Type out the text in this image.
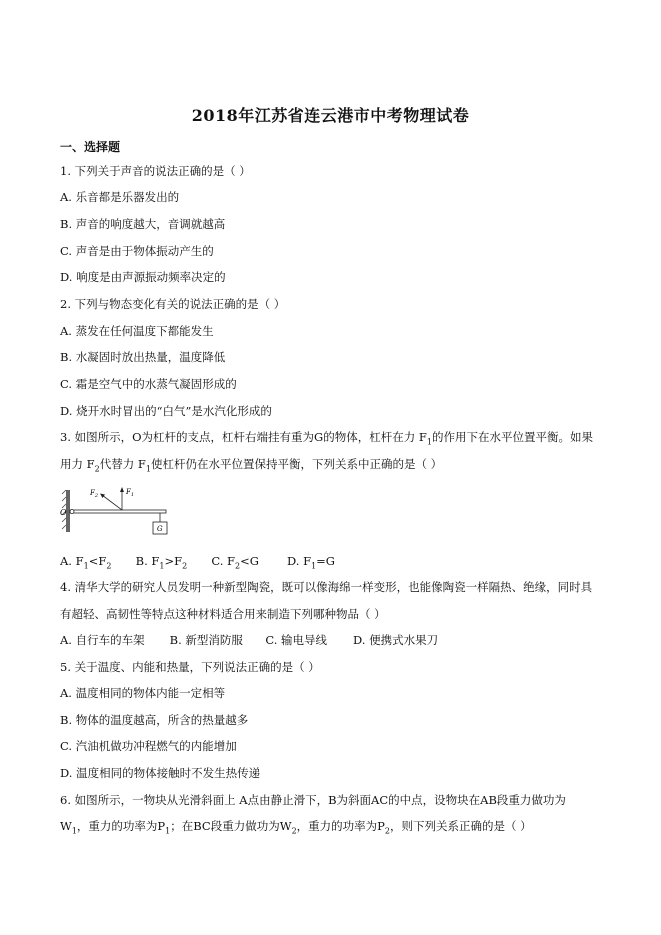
2018年江苏省连云港市中考物理试卷
一、选择题
1. 下列关于声音的说法正确的是（ ）
A. 乐音都是乐器发出的
B. 声音的响度越大，音调就越高
C. 声音是由于物体振动产生的
D. 响度是由声源振动频率决定的
2. 下列与物态变化有关的说法正确的是（ ）
A. 蒸发在任何温度下都能发生
B. 水凝固时放出热量，温度降低
C. 霜是空气中的水蒸气凝固形成的
D. 烧开水时冒出的“白气”是水汽化形成的
3. 如图所示，O为杠杆的支点，杠杆右端挂有重为G的物体，杠杆在力 $F_1$的作用下在水平位置平衡。如果
用力 $F_2$代替力 $F_1$使杠杆仍在水平位置保持平衡，下列关系中正确的是（ ）
O
$F_1$
$F_2$
G
A. $F_1<F_2$ B. $F_1>F_2$ C. $F_2<G$ D. $F_1=G$
4. 清华大学的研究人员发明一种新型陶瓷，既可以像海绵一样变形，也能像陶瓷一样隔热、绝缘，同时具
有超轻、高韧性等特点这种材料适合用来制造下列哪种物品（ ）
A. 自行车的车架 B. 新型消防服 C. 输电导线 D. 便携式水果刀
5. 关于温度、内能和热量，下列说法正确的是（ ）
A. 温度相同的物体内能一定相等
B. 物体的温度越高，所含的热量越多
C. 汽油机做功冲程燃气的内能增加
D. 温度相同的物体接触时不发生热传递
6. 如图所示，一物块从光滑斜面上 A点由静止滑下，B为斜面AC的中点，设物块在AB段重力做功为
$W_1$，重力的功率为$P_1$；在BC段重力做功为$W_2$，重力的功率为$P_2$，则下列关系正确的是（ ）
